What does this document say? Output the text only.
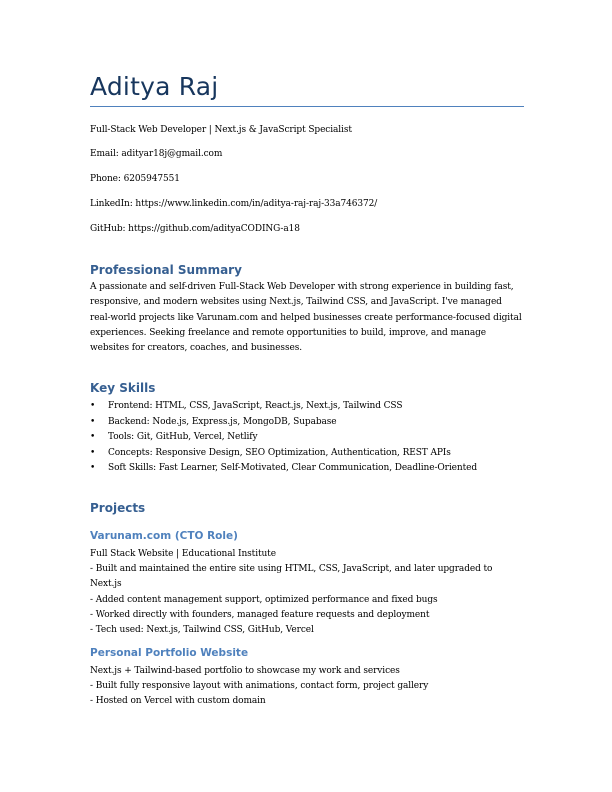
Aditya Raj
Full-Stack Web Developer | Next.js & JavaScript Specialist
Email: adityar18j@gmail.com
Phone: 6205947551
LinkedIn: https://www.linkedin.com/in/aditya-raj-raj-33a746372/
GitHub: https://github.com/adityaCODING-a18
Professional Summary
A passionate and self-driven Full-Stack Web Developer with strong experience in building fast, responsive, and modern websites using Next.js, Tailwind CSS, and JavaScript. I've managed real-world projects like Varunam.com and helped businesses create performance-focused digital experiences. Seeking freelance and remote opportunities to build, improve, and manage websites for creators, coaches, and businesses.
Key Skills
• Frontend: HTML, CSS, JavaScript, React.js, Next.js, Tailwind CSS
• Backend: Node.js, Express.js, MongoDB, Supabase
• Tools: Git, GitHub, Vercel, Netlify
• Concepts: Responsive Design, SEO Optimization, Authentication, REST APIs
• Soft Skills: Fast Learner, Self-Motivated, Clear Communication, Deadline-Oriented
Projects
Varunam.com (CTO Role)
Full Stack Website | Educational Institute
- Built and maintained the entire site using HTML, CSS, JavaScript, and later upgraded to Next.js
- Added content management support, optimized performance and fixed bugs
- Worked directly with founders, managed feature requests and deployment
- Tech used: Next.js, Tailwind CSS, GitHub, Vercel
Personal Portfolio Website
Next.js + Tailwind-based portfolio to showcase my work and services
- Built fully responsive layout with animations, contact form, project gallery
- Hosted on Vercel with custom domain
